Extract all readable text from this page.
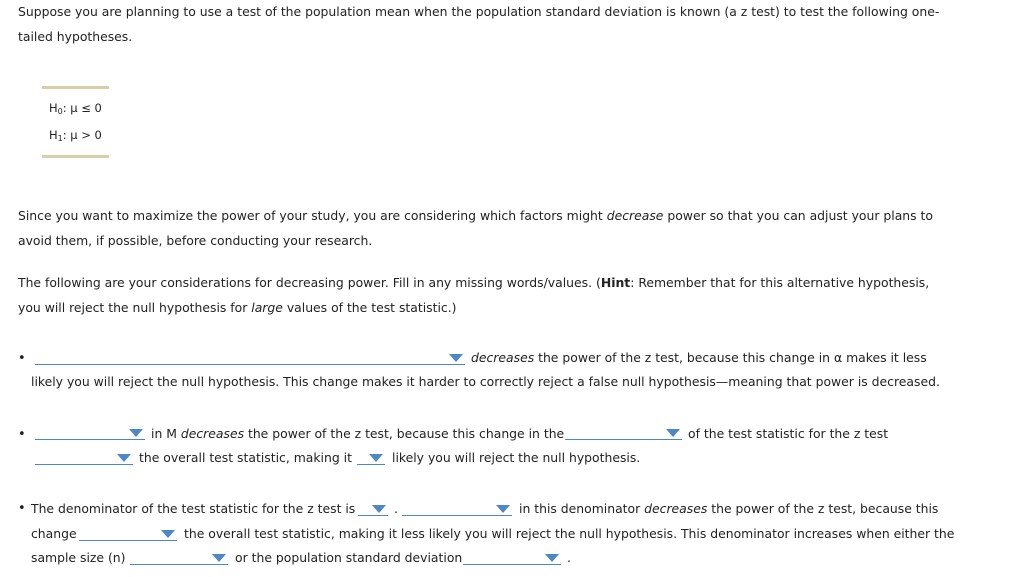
Suppose you are planning to use a test of the population mean when the population standard deviation is known (a z test) to test the following one-
tailed hypotheses.
H0: μ ≤ 0
H1: μ > 0
Since you want to maximize the power of your study, you are considering which factors might decrease power so that you can adjust your plans to
avoid them, if possible, before conducting your research.
The following are your considerations for decreasing power. Fill in any missing words/values. (Hint: Remember that for this alternative hypothesis,
you will reject the null hypothesis for large values of the test statistic.)
•	decreases the power of the z test, because this change in α makes it less
likely you will reject the null hypothesis. This change makes it harder to correctly reject a false null hypothesis—meaning that power is decreased.
•	in M decreases the power of the z test, because this change in the	of the test statistic for the z test
the overall test statistic, making it	likely you will reject the null hypothesis.
• The denominator of the test statistic for the z test is	.	in this denominator decreases the power of the z test, because this
change	the overall test statistic, making it less likely you will reject the null hypothesis. This denominator increases when either the
sample size (n)	or the population standard deviation	.
